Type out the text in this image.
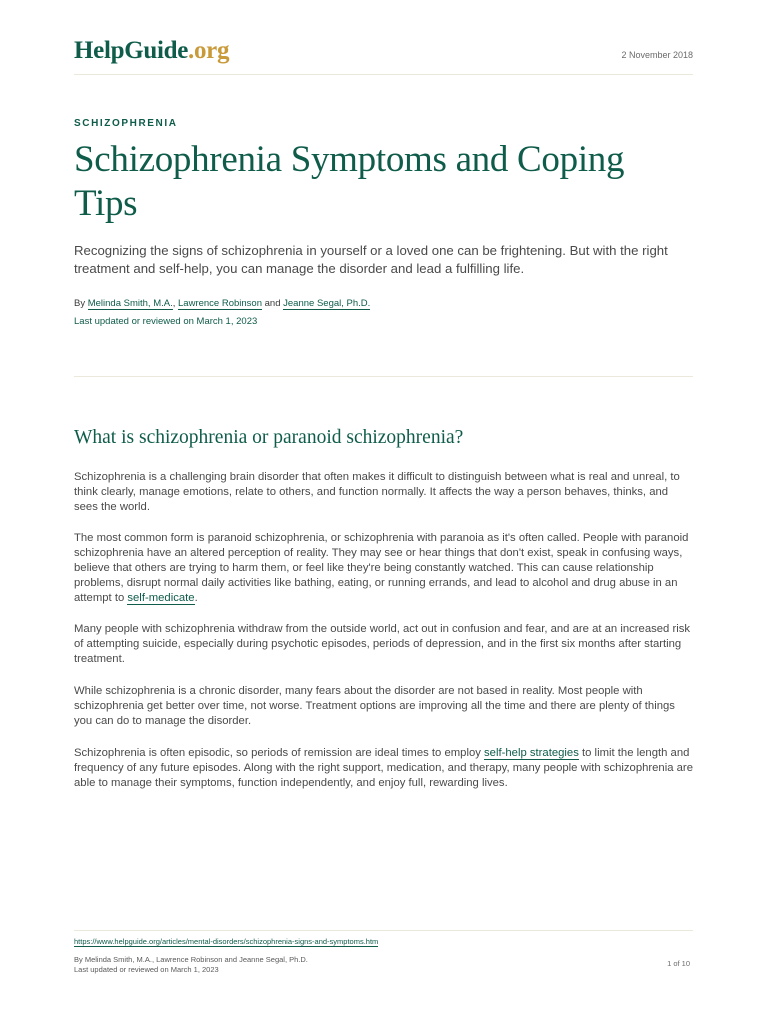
HelpGuide.org	2 November 2018
SCHIZOPHRENIA
Schizophrenia Symptoms and Coping Tips

Recognizing the signs of schizophrenia in yourself or a loved one can be frightening. But with the right treatment and self-help, you can manage the disorder and lead a fulfilling life.

By Melinda Smith, M.A., Lawrence Robinson and Jeanne Segal, Ph.D.
Last updated or reviewed on March 1, 2023
What is schizophrenia or paranoid schizophrenia?

Schizophrenia is a challenging brain disorder that often makes it difficult to distinguish between what is real and unreal, to think clearly, manage emotions, relate to others, and function normally. It affects the way a person behaves, thinks, and sees the world.

The most common form is paranoid schizophrenia, or schizophrenia with paranoia as it's often called. People with paranoid schizophrenia have an altered perception of reality. They may see or hear things that don't exist, speak in confusing ways, believe that others are trying to harm them, or feel like they're being constantly watched. This can cause relationship problems, disrupt normal daily activities like bathing, eating, or running errands, and lead to alcohol and drug abuse in an attempt to self-medicate.

Many people with schizophrenia withdraw from the outside world, act out in confusion and fear, and are at an increased risk of attempting suicide, especially during psychotic episodes, periods of depression, and in the first six months after starting treatment.

While schizophrenia is a chronic disorder, many fears about the disorder are not based in reality. Most people with schizophrenia get better over time, not worse. Treatment options are improving all the time and there are plenty of things you can do to manage the disorder.

Schizophrenia is often episodic, so periods of remission are ideal times to employ self-help strategies to limit the length and frequency of any future episodes. Along with the right support, medication, and therapy, many people with schizophrenia are able to manage their symptoms, function independently, and enjoy full, rewarding lives.

https://www.helpguide.org/articles/mental-disorders/schizophrenia-signs-and-symptoms.htm
By Melinda Smith, M.A., Lawrence Robinson and Jeanne Segal, Ph.D.
Last updated or reviewed on March 1, 2023
1 of 10
